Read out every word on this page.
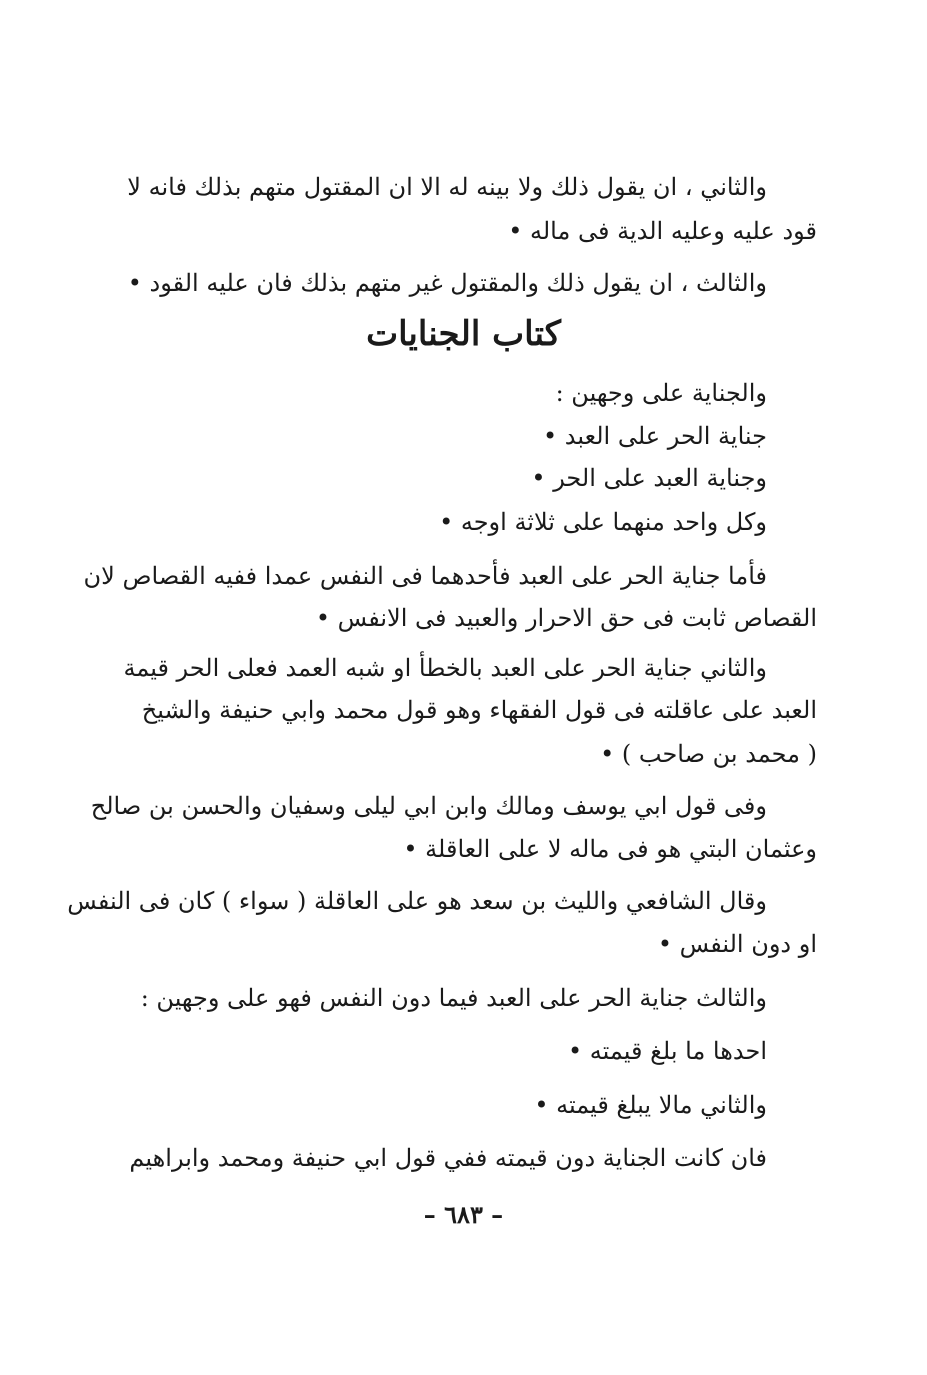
والثاني ، ان يقول ذلك ولا بينه له الا ان المقتول متهم بذلك فانه لا
قود عليه وعليه الدية فى ماله •
والثالث ، ان يقول ذلك والمقتول غير متهم بذلك فان عليه القود •
كتاب الجنايات
والجناية على وجهين :
جناية الحر على العبد •
وجناية العبد على الحر •
وكل واحد منهما على ثلاثة اوجه •
فأما جناية الحر على العبد فأحدهما فى النفس عمدا ففيه القصاص لان
القصاص ثابت فى حق الاحرار والعبيد فى الانفس •
والثاني جناية الحر على العبد بالخطأ او شبه العمد فعلى الحر قيمة
العبد على عاقلته فى قول الفقهاء وهو قول محمد وابي حنيفة والشيخ
( محمد بن صاحب ) •
وفى قول ابي يوسف ومالك وابن ابي ليلى وسفيان والحسن بن صالح
وعثمان البتي هو فى ماله لا على العاقلة •
وقال الشافعي والليث بن سعد هو على العاقلة ( سواء ) كان فى النفس
او دون النفس •
والثالث جناية الحر على العبد فيما دون النفس فهو على وجهين :
احدها ما بلغ قيمته •
والثاني مالا يبلغ قيمته •
فان كانت الجناية دون قيمته ففي قول ابي حنيفة ومحمد وابراهيم
– ٦٨٣ –
